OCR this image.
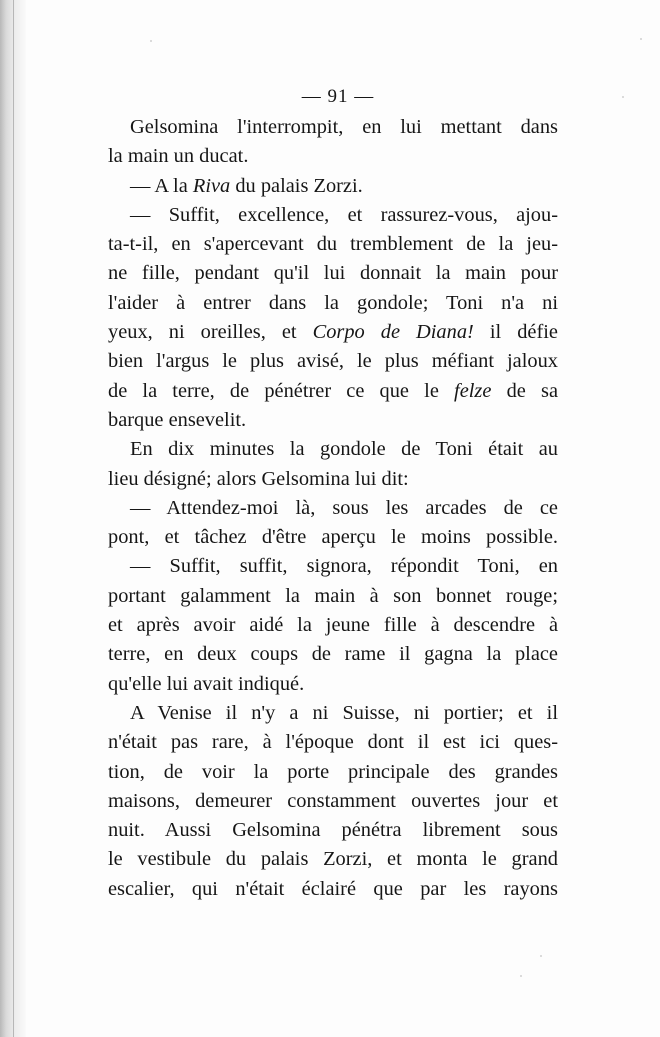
— 91 —
Gelsomina l'interrompit, en lui mettant dans
la main un ducat.
— A la Riva du palais Zorzi.
— Suffit, excellence, et rassurez-vous, ajou-
ta-t-il, en s'apercevant du tremblement de la jeu-
ne fille, pendant qu'il lui donnait la main pour
l'aider à entrer dans la gondole; Toni n'a ni
yeux, ni oreilles, et Corpo de Diana! il défie
bien l'argus le plus avisé, le plus méfiant jaloux
de la terre, de pénétrer ce que le felze de sa
barque ensevelit.
En dix minutes la gondole de Toni était au
lieu désigné; alors Gelsomina lui dit:
— Attendez-moi là, sous les arcades de ce
pont, et tâchez d'être aperçu le moins possible.
— Suffit, suffit, signora, répondit Toni, en
portant galamment la main à son bonnet rouge;
et après avoir aidé la jeune fille à descendre à
terre, en deux coups de rame il gagna la place
qu'elle lui avait indiqué.
A Venise il n'y a ni Suisse, ni portier; et il
n'était pas rare, à l'époque dont il est ici ques-
tion, de voir la porte principale des grandes
maisons, demeurer constamment ouvertes jour et
nuit. Aussi Gelsomina pénétra librement sous
le vestibule du palais Zorzi, et monta le grand
escalier, qui n'était éclairé que par les rayons
